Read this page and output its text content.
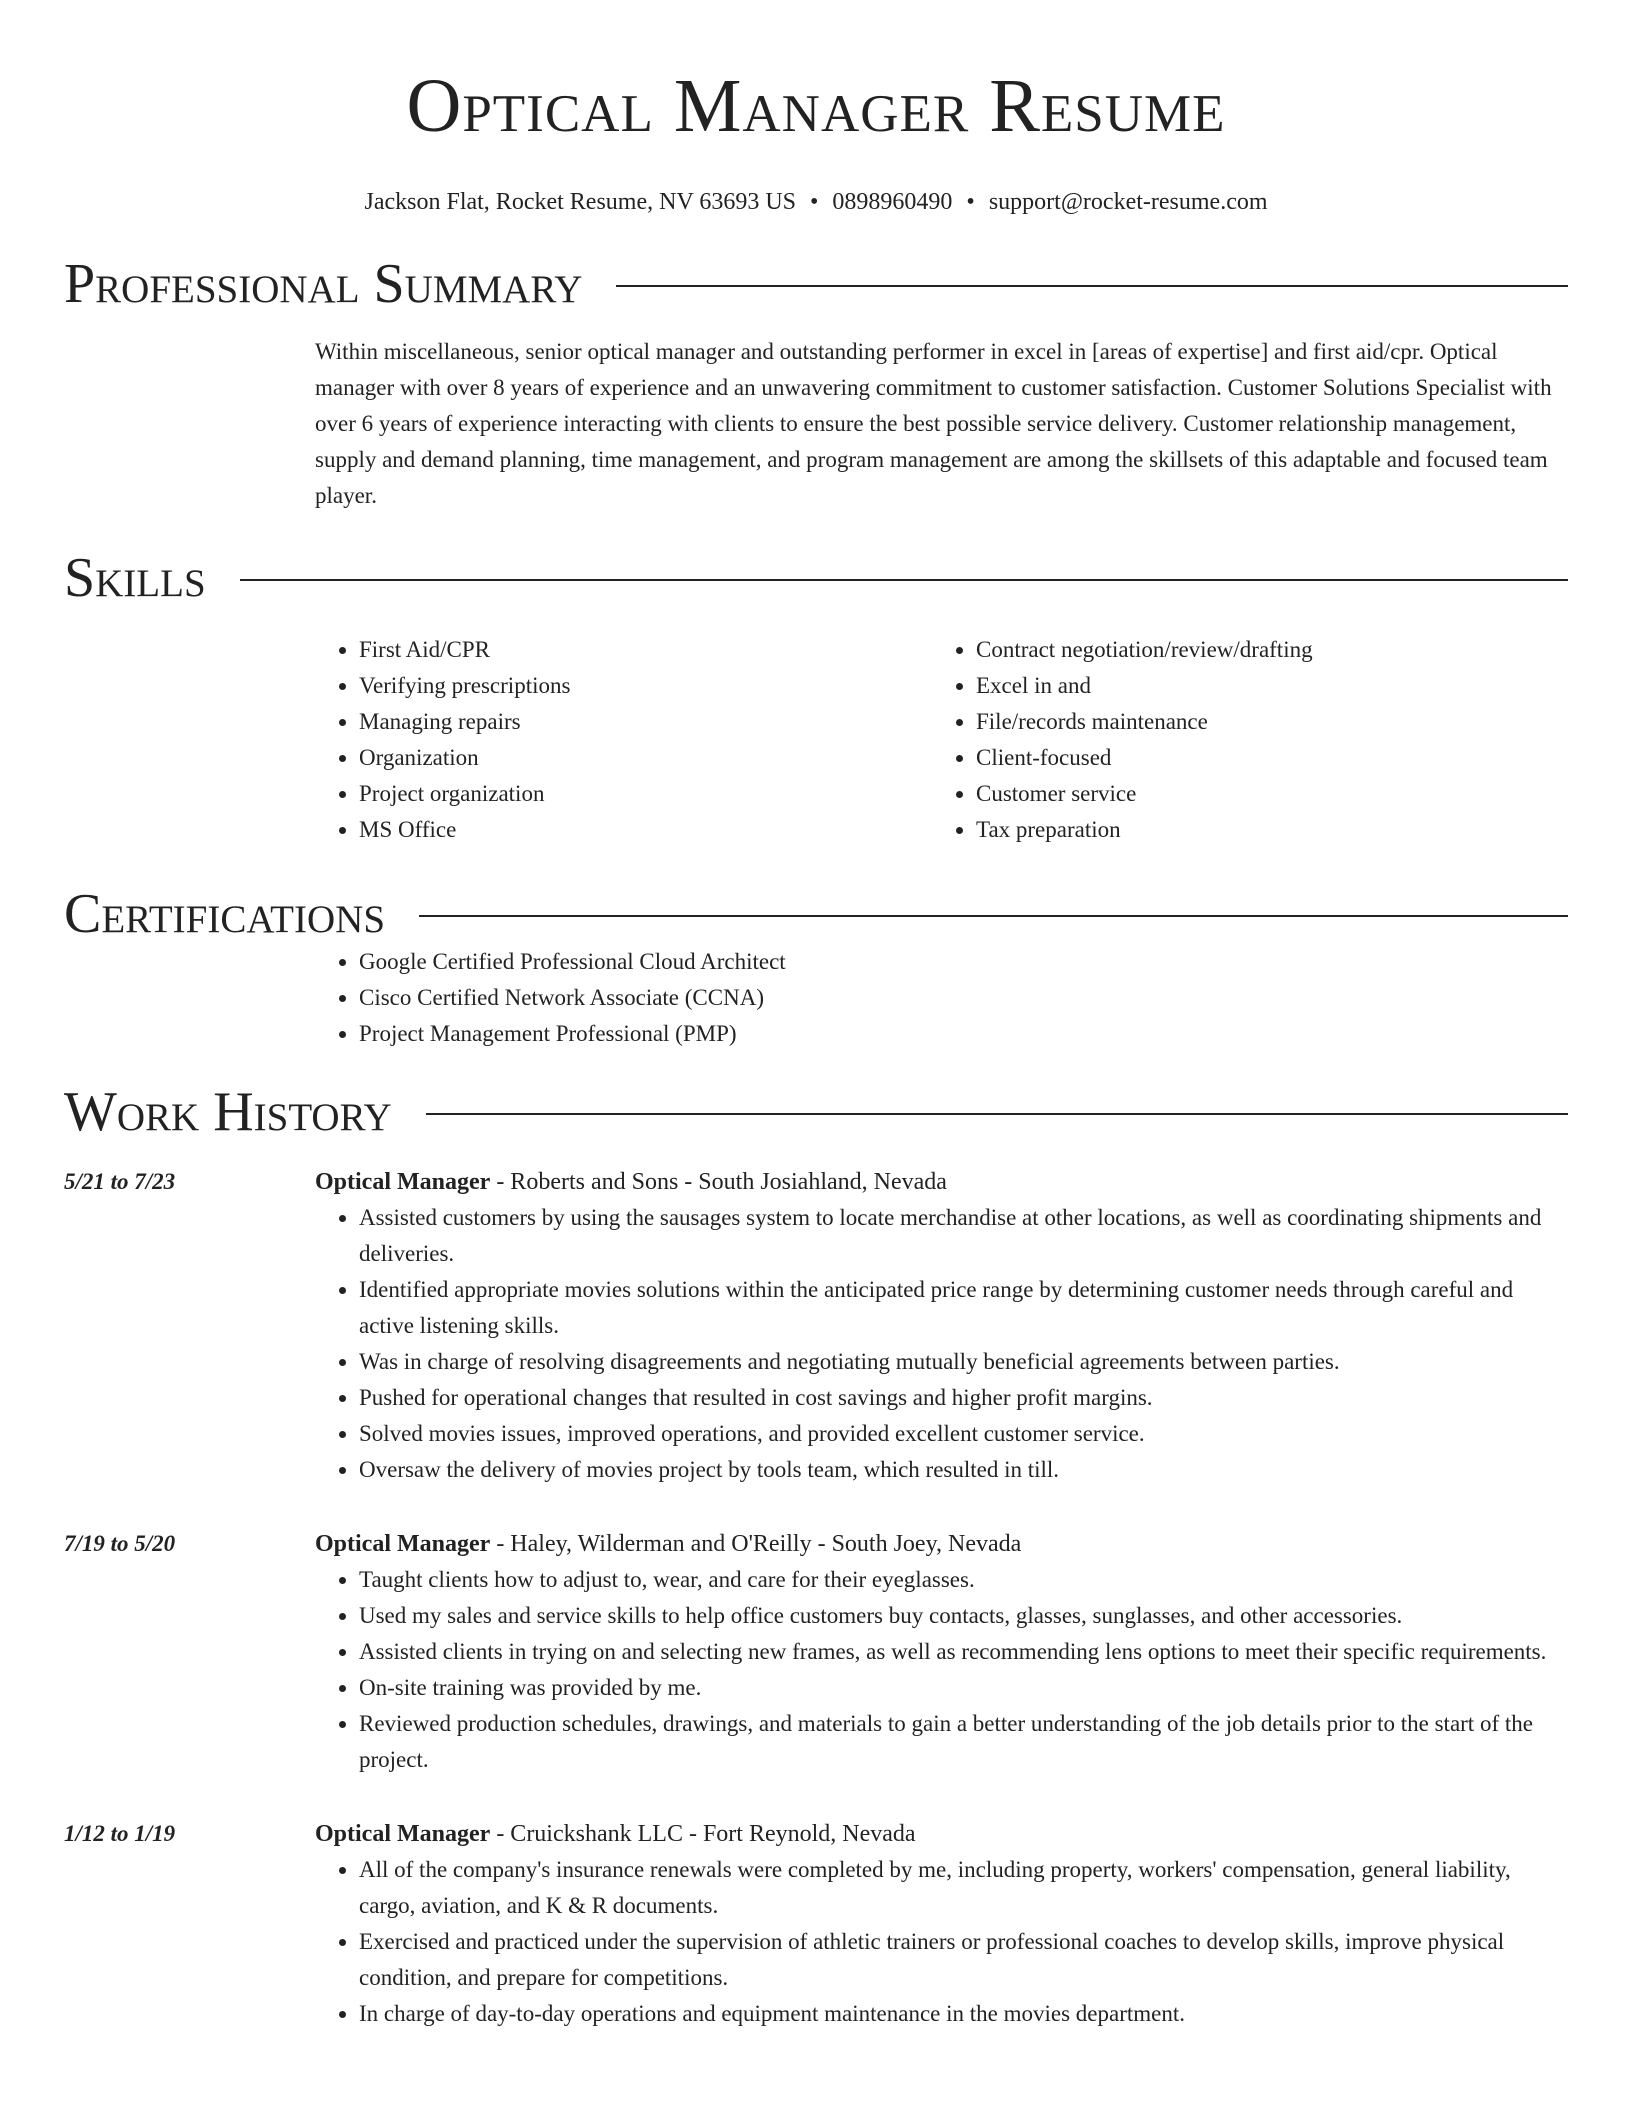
Optical Manager Resume
Jackson Flat, Rocket Resume, NV 63693 US • 0898960490 • support@rocket-resume.com
Professional Summary

Within miscellaneous, senior optical manager and outstanding performer in excel in [areas of expertise] and first aid/cpr. Optical manager with over 8 years of experience and an unwavering commitment to customer satisfaction. Customer Solutions Specialist with over 6 years of experience interacting with clients to ensure the best possible service delivery. Customer relationship management, supply and demand planning, time management, and program management are among the skillsets of this adaptable and focused team player.

Skills
• First Aid/CPR
• Verifying prescriptions
• Managing repairs
• Organization
• Project organization
• MS Office
• Contract negotiation/review/drafting
• Excel in and
• File/records maintenance
• Client-focused
• Customer service
• Tax preparation
Certifications
• Google Certified Professional Cloud Architect
• Cisco Certified Network Associate (CCNA)
• Project Management Professional (PMP)
Work History
5/21 to 7/23	Optical Manager - Roberts and Sons - South Josiahland, Nevada
• Assisted customers by using the sausages system to locate merchandise at other locations, as well as coordinating shipments and deliveries.
• Identified appropriate movies solutions within the anticipated price range by determining customer needs through careful and active listening skills.
• Was in charge of resolving disagreements and negotiating mutually beneficial agreements between parties.
• Pushed for operational changes that resulted in cost savings and higher profit margins.
• Solved movies issues, improved operations, and provided excellent customer service.
• Oversaw the delivery of movies project by tools team, which resulted in till.
7/19 to 5/20	Optical Manager - Haley, Wilderman and O'Reilly - South Joey, Nevada
• Taught clients how to adjust to, wear, and care for their eyeglasses.
• Used my sales and service skills to help office customers buy contacts, glasses, sunglasses, and other accessories.
• Assisted clients in trying on and selecting new frames, as well as recommending lens options to meet their specific requirements.
• On-site training was provided by me.
• Reviewed production schedules, drawings, and materials to gain a better understanding of the job details prior to the start of the project.
1/12 to 1/19	Optical Manager - Cruickshank LLC - Fort Reynold, Nevada
• All of the company's insurance renewals were completed by me, including property, workers' compensation, general liability, cargo, aviation, and K & R documents.
• Exercised and practiced under the supervision of athletic trainers or professional coaches to develop skills, improve physical condition, and prepare for competitions.
• In charge of day-to-day operations and equipment maintenance in the movies department.
